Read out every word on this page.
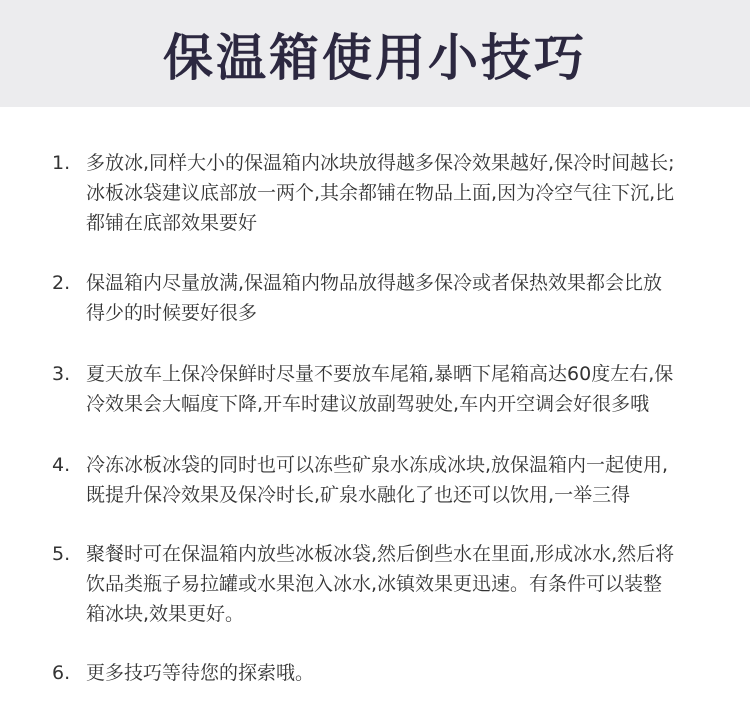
保温箱使用小技巧
1. 多放冰,同样大小的保温箱内冰块放得越多保冷效果越好,保冷时间越长;
冰板冰袋建议底部放一两个,其余都铺在物品上面,因为冷空气往下沉,比
都铺在底部效果要好
2. 保温箱内尽量放满,保温箱内物品放得越多保冷或者保热效果都会比放
得少的时候要好很多
3. 夏天放车上保冷保鲜时尽量不要放车尾箱,暴晒下尾箱高达60度左右,保
冷效果会大幅度下降,开车时建议放副驾驶处,车内开空调会好很多哦
4. 冷冻冰板冰袋的同时也可以冻些矿泉水冻成冰块,放保温箱内一起使用,
既提升保冷效果及保冷时长,矿泉水融化了也还可以饮用,一举三得
5. 聚餐时可在保温箱内放些冰板冰袋,然后倒些水在里面,形成冰水,然后将
饮品类瓶子易拉罐或水果泡入冰水,冰镇效果更迅速。有条件可以装整
箱冰块,效果更好。
6. 更多技巧等待您的探索哦。
